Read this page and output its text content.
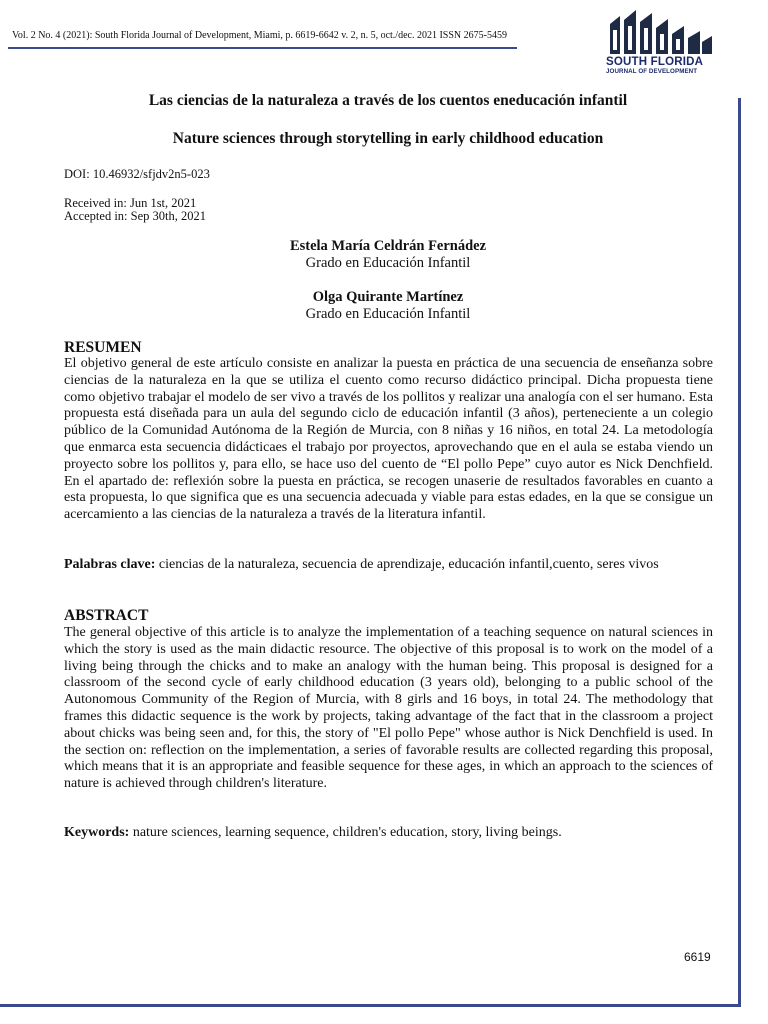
Vol. 2 No. 4 (2021): South Florida Journal of Development, Miami, p. 6619-6642 v. 2, n. 5, oct./dec. 2021 ISSN 2675-5459
SOUTH FLORIDA
JOURNAL OF DEVELOPMENT
Las ciencias de la naturaleza a través de los cuentos eneducación infantil
Nature sciences through storytelling in early childhood education
DOI: 10.46932/sfjdv2n5-023
Received in: Jun 1st, 2021
Accepted in: Sep 30th, 2021
Estela María Celdrán Fernádez
Grado en Educación Infantil
Olga Quirante Martínez
Grado en Educación Infantil
RESUMEN
El objetivo general de este artículo consiste en analizar la puesta en práctica de una secuencia de enseñanza sobre ciencias de la naturaleza en la que se utiliza el cuento como recurso didáctico principal. Dicha propuesta tiene como objetivo trabajar el modelo de ser vivo a través de los pollitos y realizar una analogía con el ser humano. Esta propuesta está diseñada para un aula del segundo ciclo de educación infantil (3 años), perteneciente a un colegio público de la Comunidad Autónoma de la Región de Murcia, con 8 niñas y 16 niños, en total 24. La metodología que enmarca esta secuencia didácticaes el trabajo por proyectos, aprovechando que en el aula se estaba viendo un proyecto sobre los pollitos y, para ello, se hace uso del cuento de “El pollo Pepe” cuyo autor es Nick Denchfield. En el apartado de: reflexión sobre la puesta en práctica, se recogen unaserie de resultados favorables en cuanto a esta propuesta, lo que significa que es una secuencia adecuada y viable para estas edades, en la que se consigue un acercamiento a las ciencias de la naturaleza a través de la literatura infantil.
Palabras clave: ciencias de la naturaleza, secuencia de aprendizaje, educación infantil,cuento, seres vivos
ABSTRACT
The general objective of this article is to analyze the implementation of a teaching sequence on natural sciences in which the story is used as the main didactic resource. The objective of this proposal is to work on the model of a living being through the chicks and to make an analogy with the human being. This proposal is designed for a classroom of the second cycle of early childhood education (3 years old), belonging to a public school of the Autonomous Community of the Region of Murcia, with 8 girls and 16 boys, in total 24. The methodology that frames this didactic sequence is the work by projects, taking advantage of the fact that in the classroom a project about chicks was being seen and, for this, the story of "El pollo Pepe" whose author is Nick Denchfield is used. In the section on: reflection on the implementation, a series of favorable results are collected regarding this proposal, which means that it is an appropriate and feasible sequence for these ages, in which an approach to the sciences of nature is achieved through children's literature.
Keywords: nature sciences, learning sequence, children's education, story, living beings.
6619
